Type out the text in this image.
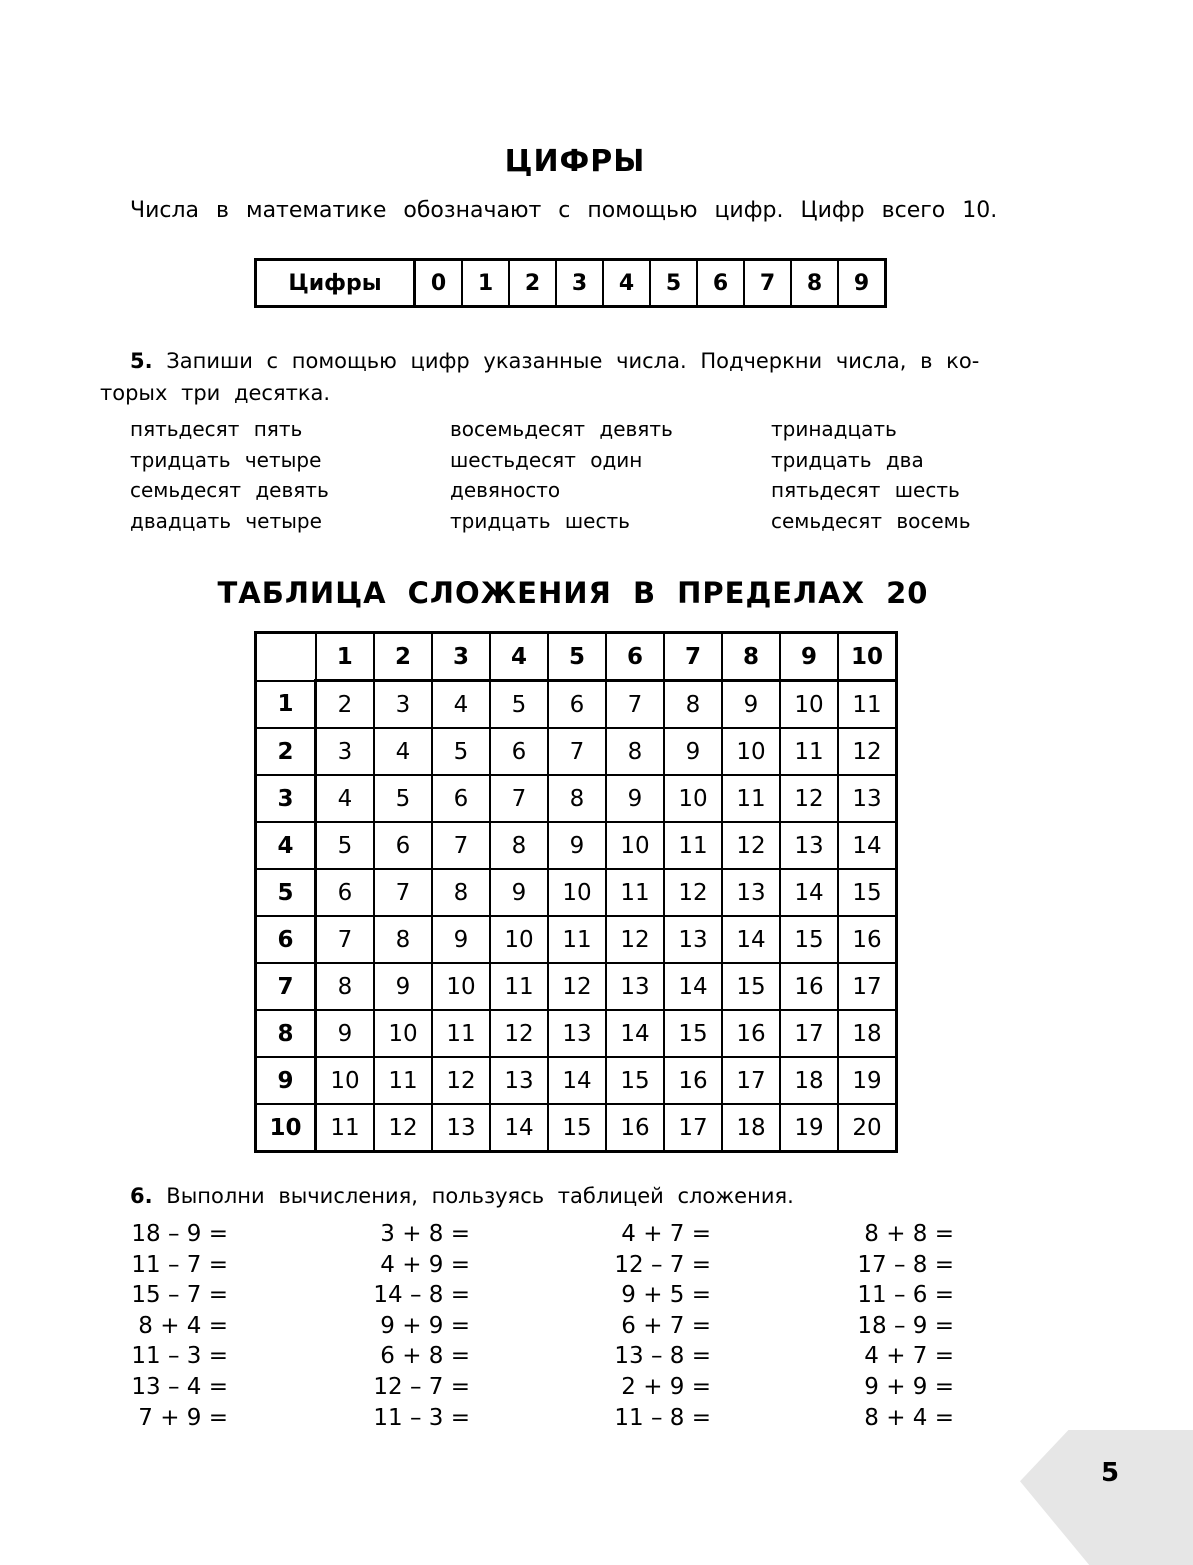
ЦИФРЫ
Числа в математике обозначают с помощью цифр. Цифр всего 10.
Цифры	0	1	2	3	4	5	6	7	8	9
5. Запиши с помощью цифр указанные числа. Подчеркни числа, в ко-
торых три десятка.
пятьдесят пять
тридцать четыре
семьдесят девять
двадцать четыре
восемьдесят девять
шестьдесят один
девяносто
тридцать шесть
тринадцать
тридцать два
пятьдесят шесть
семьдесят восемь
ТАБЛИЦА СЛОЖЕНИЯ В ПРЕДЕЛАХ 20
	1	2	3	4	5	6	7	8	9	10
1	2	3	4	5	6	7	8	9	10	11
2	3	4	5	6	7	8	9	10	11	12
3	4	5	6	7	8	9	10	11	12	13
4	5	6	7	8	9	10	11	12	13	14
5	6	7	8	9	10	11	12	13	14	15
6	7	8	9	10	11	12	13	14	15	16
7	8	9	10	11	12	13	14	15	16	17
8	9	10	11	12	13	14	15	16	17	18
9	10	11	12	13	14	15	16	17	18	19
10	11	12	13	14	15	16	17	18	19	20
6. Выполни вычисления, пользуясь таблицей сложения.
18 – 9 =
11 – 7 =
15 – 7 =
8 + 4 =
11 – 3 =
13 – 4 =
7 + 9 =
3 + 8 =
4 + 9 =
14 – 8 =
9 + 9 =
6 + 8 =
12 – 7 =
11 – 3 =
4 + 7 =
12 – 7 =
9 + 5 =
6 + 7 =
13 – 8 =
2 + 9 =
11 – 8 =
8 + 8 =
17 – 8 =
11 – 6 =
18 – 9 =
4 + 7 =
9 + 9 =
8 + 4 =
5
